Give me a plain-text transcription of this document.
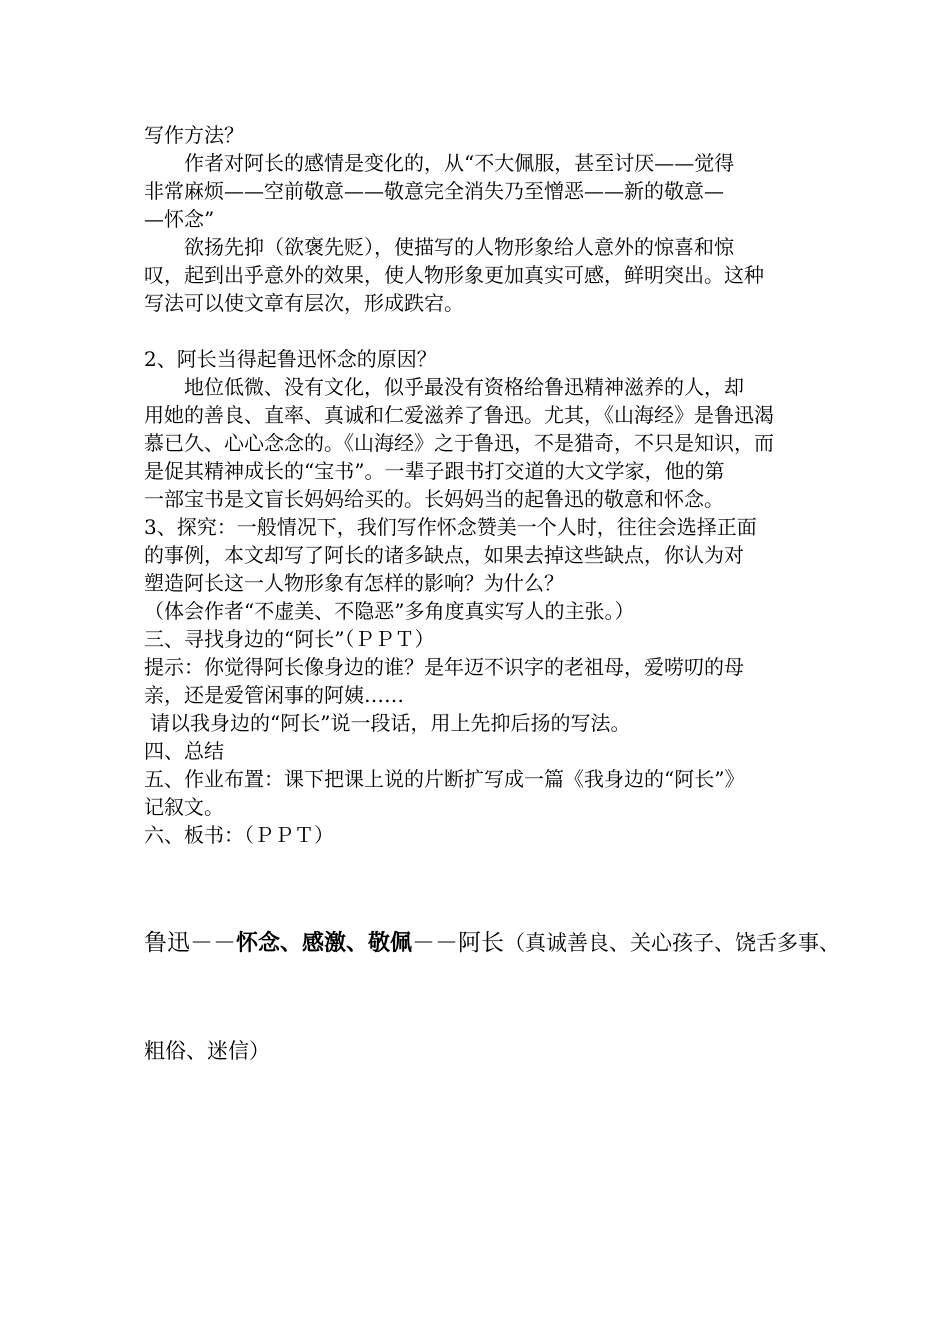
写作方法？
作者对阿长的感情是变化的，从“不大佩服，甚至讨厌——觉得
非常麻烦——空前敬意——敬意完全消失乃至憎恶——新的敬意—
—怀念”
欲扬先抑（欲褒先贬），使描写的人物形象给人意外的惊喜和惊
叹，起到出乎意外的效果，使人物形象更加真实可感，鲜明突出。这种
写法可以使文章有层次，形成跌宕。
2、阿长当得起鲁迅怀念的原因？
地位低微、没有文化，似乎最没有资格给鲁迅精神滋养的人，却
用她的善良、直率、真诚和仁爱滋养了鲁迅。尤其，《山海经》是鲁迅渴
慕已久、心心念念的。《山海经》之于鲁迅，不是猎奇，不只是知识，而
是促其精神成长的“宝书”。一辈子跟书打交道的大文学家，他的第
一部宝书是文盲长妈妈给买的。长妈妈当的起鲁迅的敬意和怀念。
3、探究：一般情况下，我们写作怀念赞美一个人时，往往会选择正面
的事例，本文却写了阿长的诸多缺点，如果去掉这些缺点，你认为对
塑造阿长这一人物形象有怎样的影响？为什么？
（体会作者“不虚美、不隐恶”多角度真实写人的主张。）
三、寻找身边的“阿长”（ＰＰＴ）
提示：你觉得阿长像身边的谁？是年迈不识字的老祖母，爱唠叨的母
亲，还是爱管闲事的阿姨……
请以我身边的“阿长”说一段话，用上先抑后扬的写法。
四、总结
五、作业布置：课下把课上说的片断扩写成一篇《我身边的“阿长”》
记叙文。
六、板书：（ＰＰＴ）

鲁迅－－怀念、感激、敬佩－－阿长（真诚善良、关心孩子、饶舌多事、

粗俗、迷信）
